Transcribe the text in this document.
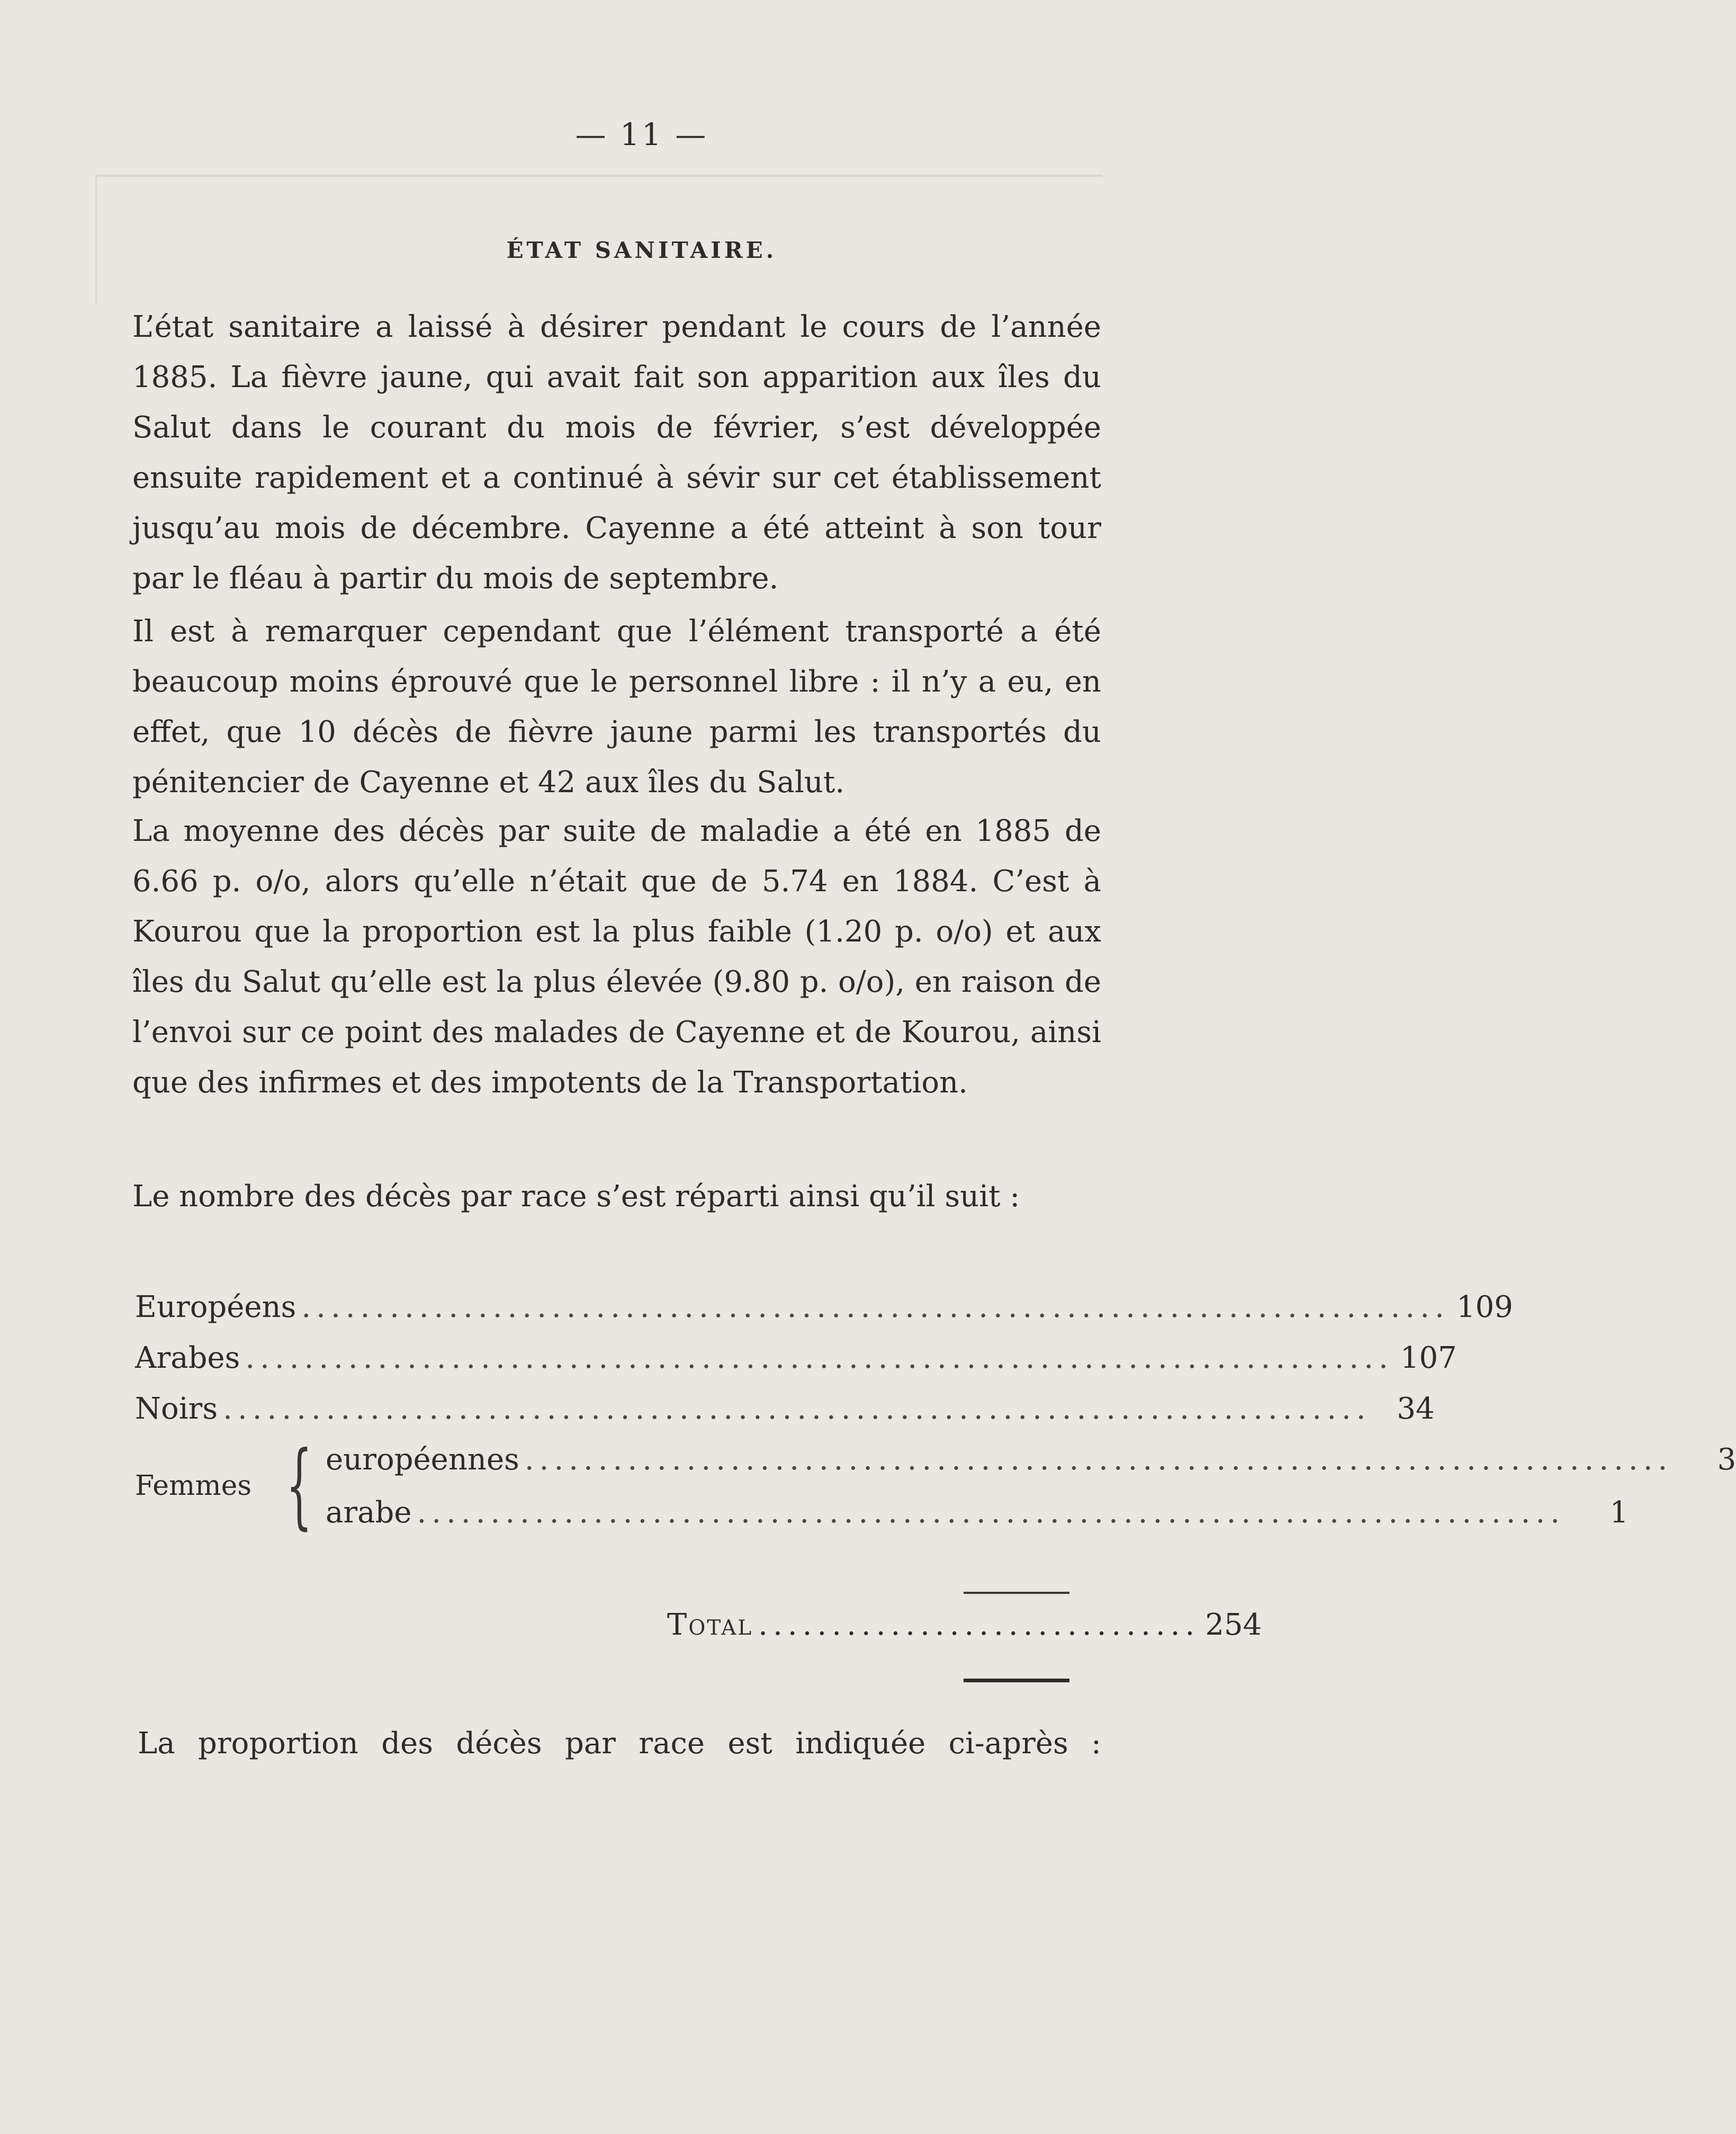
— 11 —
ÉTAT SANITAIRE.

L’état sanitaire a laissé à désirer pendant le cours de l’année 1885. La fièvre jaune, qui avait fait son apparition aux îles du Salut dans le courant du mois de février, s’est développée ensuite rapidement et a continué à sévir sur cet établissement jusqu’au mois de décembre. Cayenne a été atteint à son tour par le fléau à partir du mois de septembre.

Il est à remarquer cependant que l’élément transporté a été beaucoup moins éprouvé que le personnel libre : il n’y a eu, en effet, que 10 décès de fièvre jaune parmi les transportés du pénitencier de Cayenne et 42 aux îles du Salut.

La moyenne des décès par suite de maladie a été en 1885 de 6.66 p. o/o, alors qu’elle n’était que de 5.74 en 1884. C’est à Kourou que la proportion est la plus faible (1.20 p. o/o) et aux îles du Salut qu’elle est la plus élevée (9.80 p. o/o), en raison de l’envoi sur ce point des malades de Cayenne et de Kourou, ainsi que des infirmes et des impotents de la Transportation.

Le nombre des décès par race s’est réparti ainsi qu’il suit :

Européens .............................................................................. 109
Arabes .............................................................................. 107
Noirs .............................................................................. 34
Femmes { européennes ..............................................................................	3
arabe ..............................................................................	1
Total .............................. 254
La proportion des décès par race est indiquée ci-après :
